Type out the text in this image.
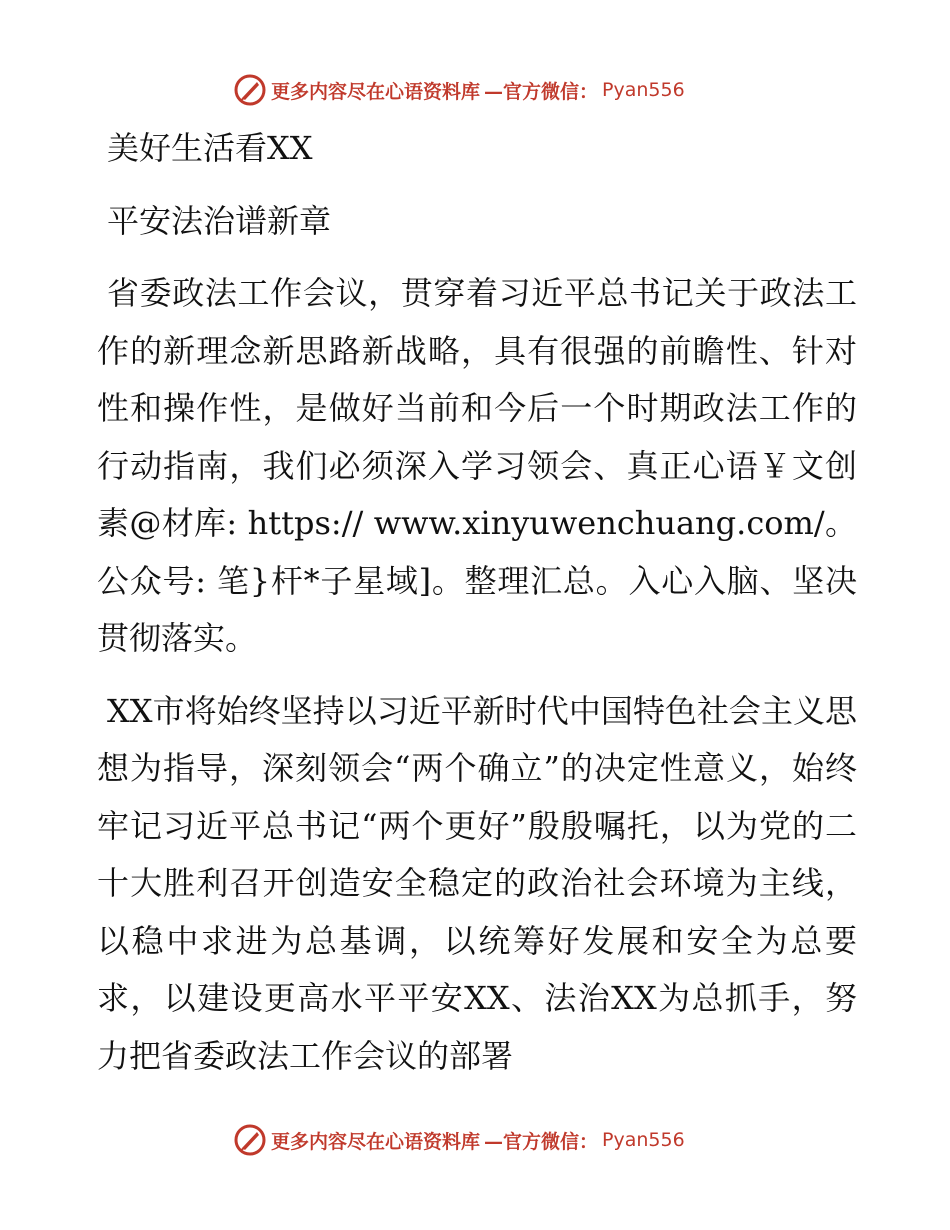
更多内容尽在心语资料库 —官方微信： Pyan556
美好生活看XX
平安法治谱新章

省委政法工作会议，贯穿着习近平总书记关于政法工作的新理念新思路新战略，具有很强的前瞻性、针对性和操作性，是做好当前和今后一个时期政法工作的行动指南，我们必须深入学习领会、真正心语￥文创素@材库: https:// www.xinyuwenchuang.com/。公众号: 笔}杆*子星域]。整理汇总。入心入脑、坚决贯彻落实。

XX市将始终坚持以习近平新时代中国特色社会主义思想为指导，深刻领会“两个确立”的决定性意义，始终牢记习近平总书记“两个更好”殷殷嘱托，以为党的二十大胜利召开创造安全稳定的政治社会环境为主线，以稳中求进为总基调，以统筹好发展和安全为总要求，以建设更高水平平安XX、法治XX为总抓手，努力把省委政法工作会议的部署

更多内容尽在心语资料库 —官方微信： Pyan556
